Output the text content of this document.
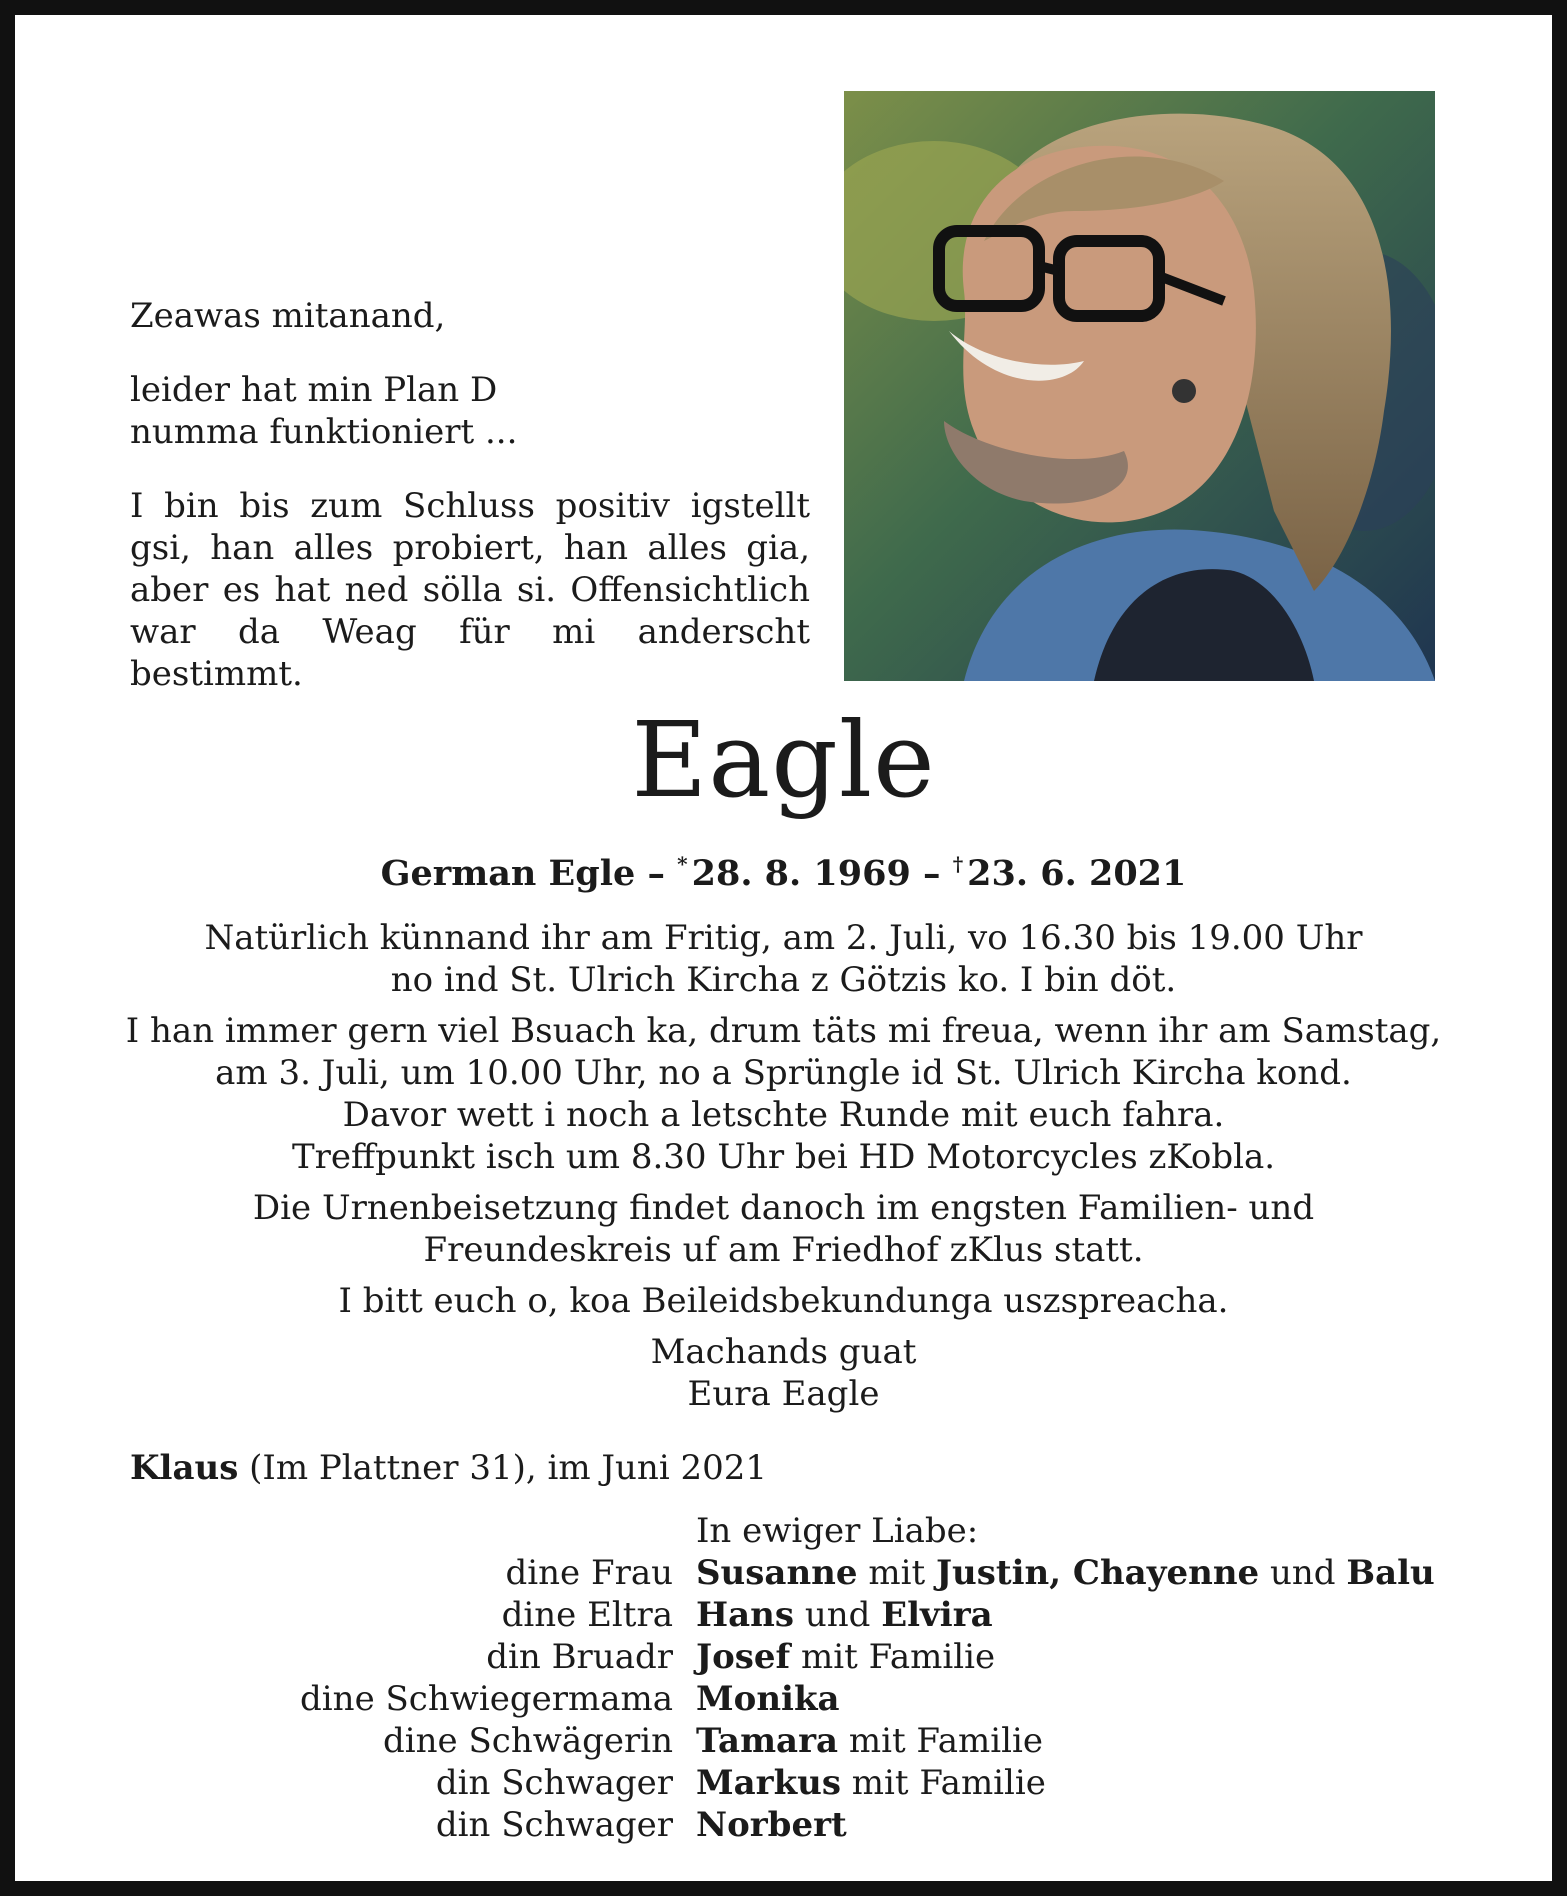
Zeawas mitanand,

leider hat min Plan D
numma funktioniert ...

I bin bis zum Schluss positiv igstellt gsi, han alles probiert, han alles gia, aber es hat ned sölla si. Offensichtlich war da Weag für mi anderscht bestimmt.

Eagle
German Egle – * 28. 8. 1969 – † 23. 6. 2021

Natürlich künnand ihr am Fritig, am 2. Juli, vo 16.30 bis 19.00 Uhr
no ind St. Ulrich Kircha z Götzis ko. I bin döt.

I han immer gern viel Bsuach ka, drum täts mi freua, wenn ihr am Samstag,
am 3. Juli, um 10.00 Uhr, no a Sprüngle id St. Ulrich Kircha kond.
Davor wett i noch a letschte Runde mit euch fahra.
Treffpunkt isch um 8.30 Uhr bei HD Motorcycles zKobla.

Die Urnenbeisetzung findet danoch im engsten Familien- und
Freundeskreis uf am Friedhof zKlus statt.

I bitt euch o, koa Beileidsbekundunga uszspreacha.

Machands guat
Eura Eagle

Klaus (Im Plattner 31), im Juni 2021
In ewiger Liabe:
dine Frau	Susanne mit Justin, Chayenne und Balu
dine Eltra	Hans und Elvira
din Bruadr	Josef mit Familie
dine Schwiegermama	Monika
dine Schwägerin	Tamara mit Familie
din Schwager	Markus mit Familie
din Schwager	Norbert
